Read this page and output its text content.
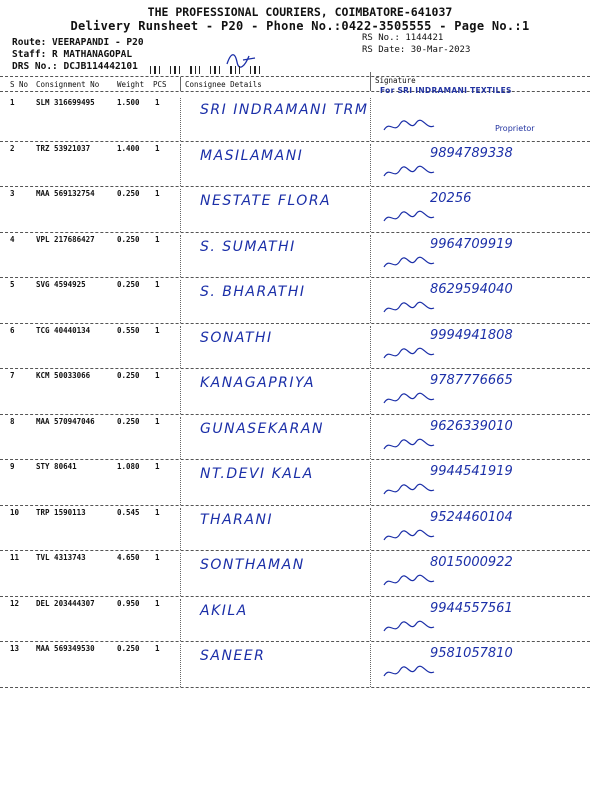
THE PROFESSIONAL COURIERS, COIMBATORE-641037
Delivery Runsheet - P20 - Phone No.:0422-3505555 - Page No.:1
Route: VEERAPANDI - P20
Staff: R MATHANAGOPAL
DRS No.: DCJB114442101
RS No.: 1144421
RS Date: 30-Mar-2023
S No Consignment No Weight PCS Consignee Details	Signature
For SRI INDRAMANI TEXTILES
Proprietor
1	SLM 316699495	1.500 1	SRI INDRAMANI TRM
2	TRZ 53921037	1.400 1	MASILAMANI	9894789338
3	MAA 569132754	0.250 1	NESTATE FLORA	20256
4	VPL 217686427	0.250 1	S. SUMATHI	9964709919
5	SVG 4594925	0.250 1	S. BHARATHI	8629594040
6	TCG 40440134	0.550 1	SONATHI	9994941808
7	KCM 50033066	0.250 1	KANAGAPRIYA	9787776665
8	MAA 570947046	0.250 1	GUNASEKARAN	9626339010
9	STY 80641	1.080 1	NT.DEVI KALA	9944541919
10 TRP 1590113	0.545 1	THARANI	9524460104
11 TVL 4313743	4.650 1	SONTHAMAN	8015000922
12 DEL 203444307	0.950 1	AKILA	9944557561
13 MAA 569349530	0.250 1	SANEER	9581057810
